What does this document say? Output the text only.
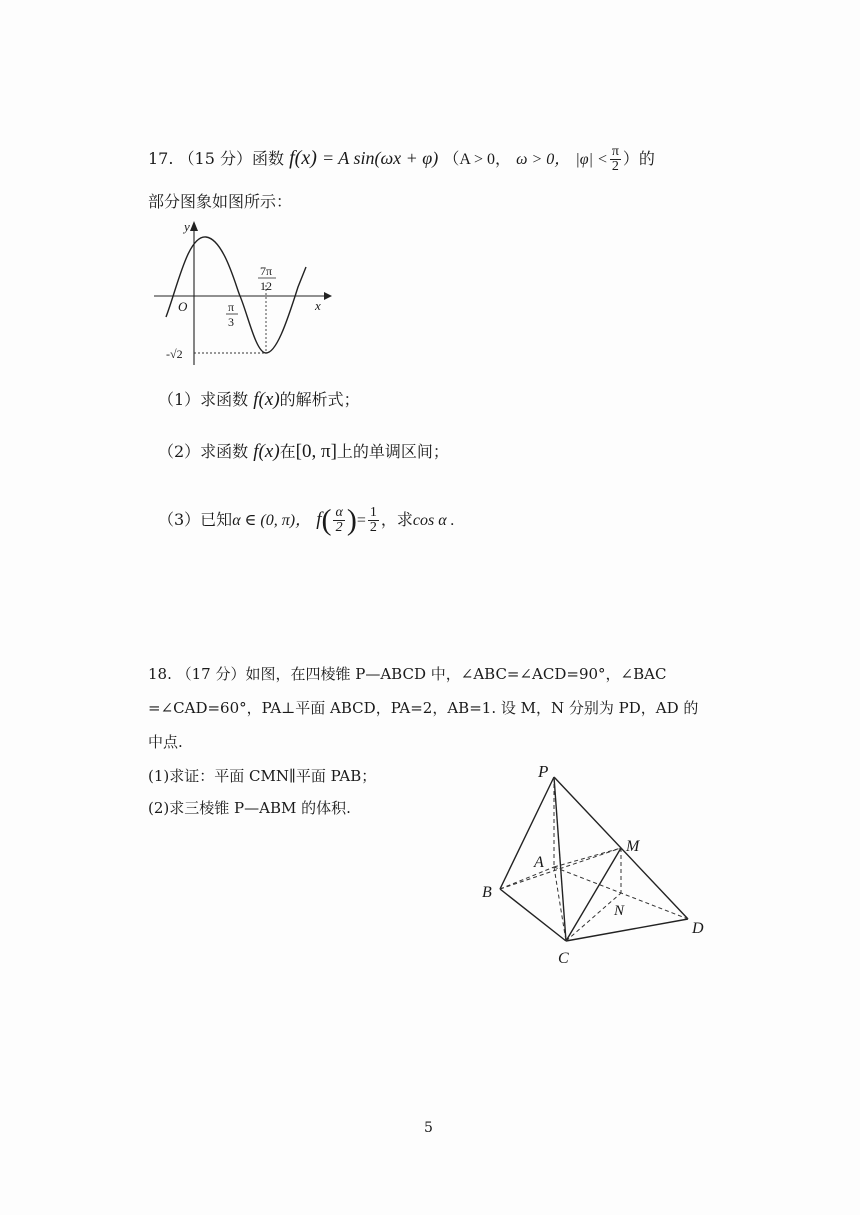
17. （15 分）函数 f(x) = A sin(ωx + φ) （A > 0， ω > 0， $|\varphi| < \frac{\pi}{2}$ ）的
部分图象如图所示：
y
x
O	π
3
7π
12
-√2
（1）求函数 f(x)的解析式；
（2）求函数 f(x)在[0, π]上的单调区间；
（3）已知α ∈ (0, π)， $f( \frac{\alpha}{2}$ )= $\frac{1}{2}$ ，求cos α .
18. （17 分）如图，在四棱锥 P—ABCD 中，∠ABC=∠ACD=90°，∠BAC
=∠CAD=60°，PA⊥平面 ABCD，PA=2，AB=1. 设 M，N 分别为 PD，AD 的
中点.
(1)求证：平面 CMN∥平面 PAB；
(2)求三棱锥 P—ABM 的体积.
P
A
B
C
D
M
N
5
